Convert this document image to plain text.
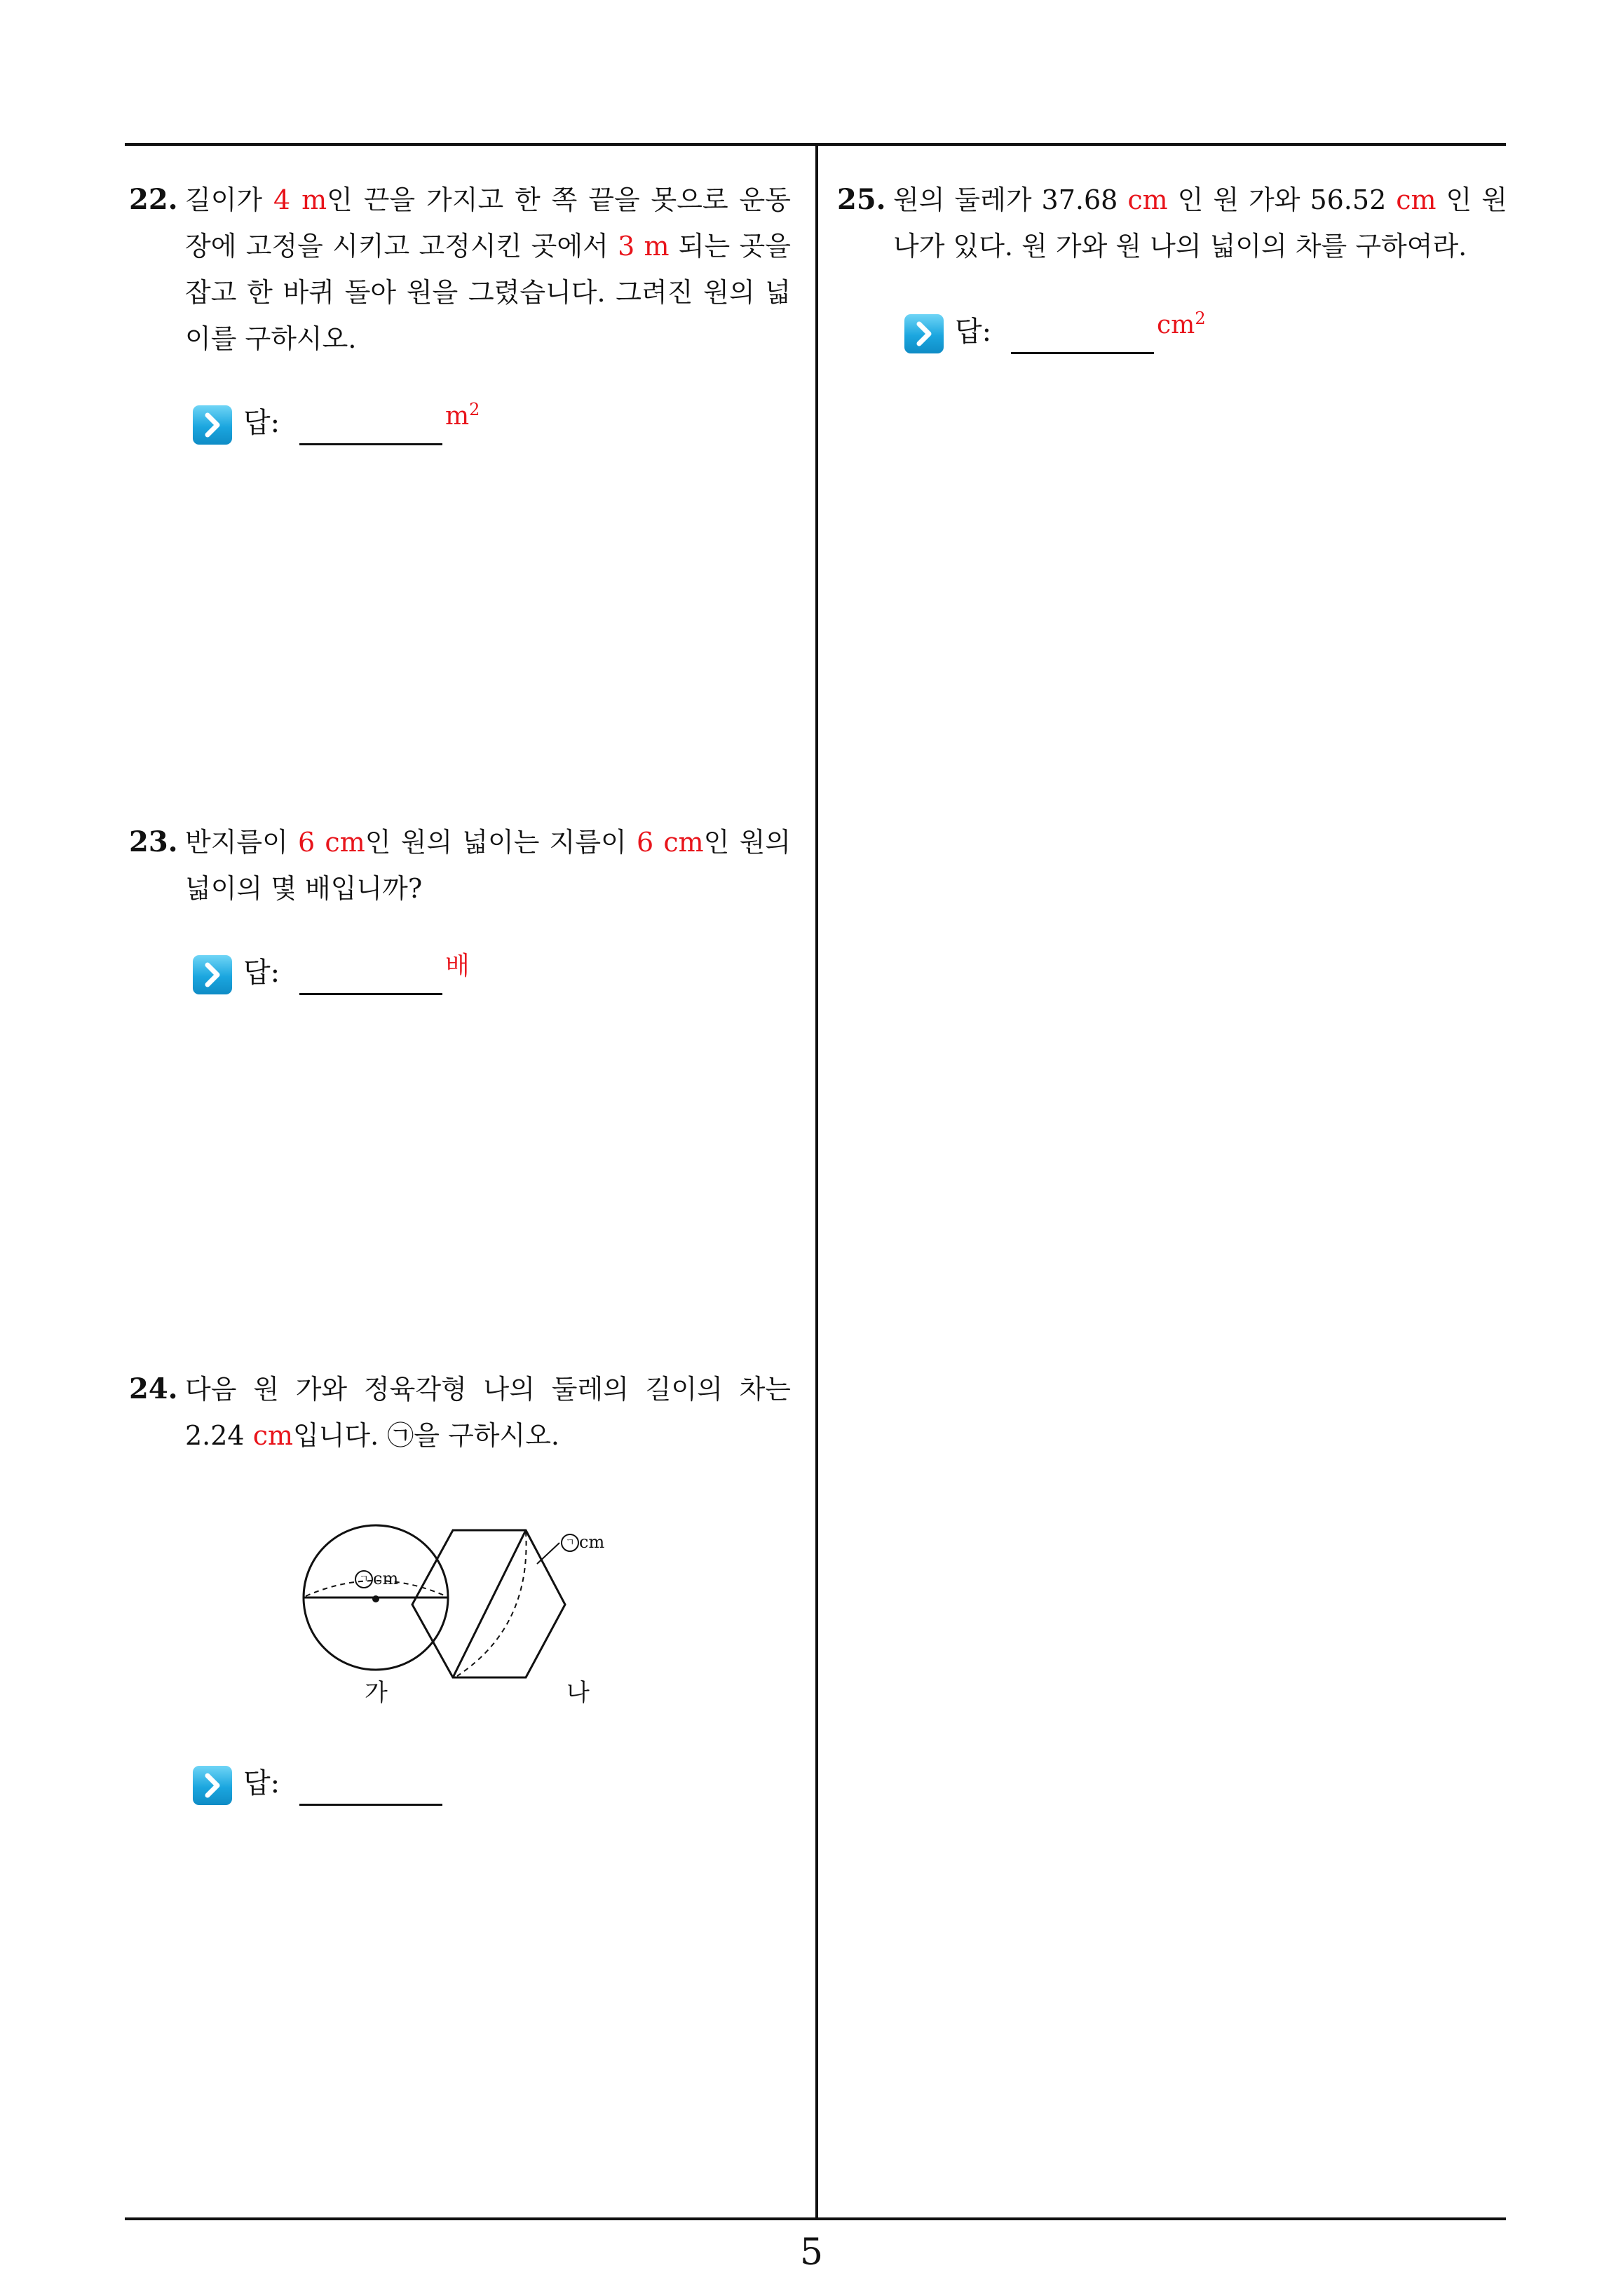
22. 길이가 4 m인 끈을 가지고 한 쪽 끝을 못으로 운동장에 고정을 시키고 고정시킨 곳에서 3 m 되는 곳을 잡고 한 바퀴 돌아 원을 그렸습니다. 그려진 원의 넓이를 구하시오.
답:	$m^2$
23. 반지름이 6 cm인 원의 넓이는 지름이 6 cm인 원의 넓이의 몇 배입니까?
답:	배
24. 다음 원 가와 정육각형 나의 둘레의 길이의 차는 2.24 cm입니다. ㉠을 구하시오.
ㄱ cm
ㄱ cm
가	나
답:
25. 원의 둘레가 37.68 cm 인 원 가와 56.52 cm 인 원 나가 있다. 원 가와 원 나의 넓이의 차를 구하여라.
답:	$cm^2$
5
